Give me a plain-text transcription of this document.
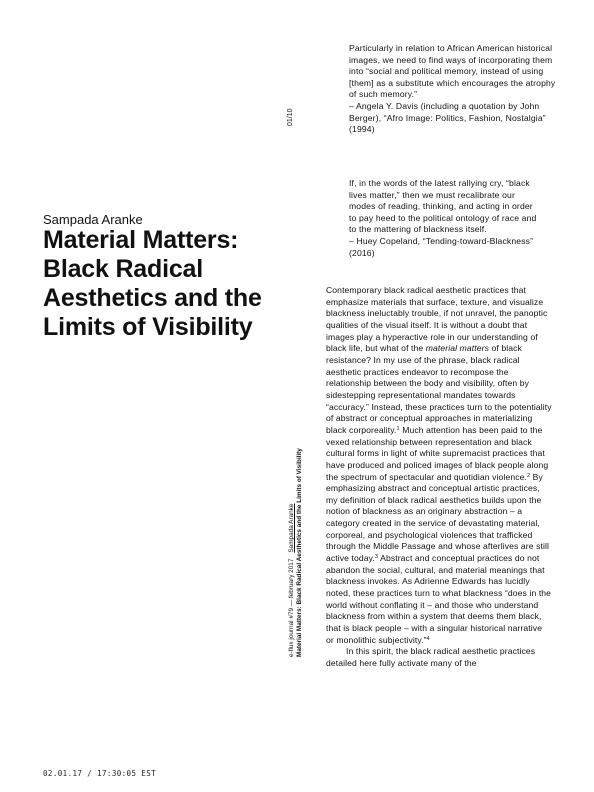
Particularly in relation to African American historical images, we need to find ways of incorporating them into “social and political memory, instead of using [them] as a substitute which encourages the atrophy of such memory.”

– Angela Y. Davis (including a quotation by John Berger), “Afro Image: Politics, Fashion, Nostalgia” (1994)

01/10

If, in the words of the latest rallying cry, “black lives matter,” then we must recalibrate our modes of reading, thinking, and acting in order to pay heed to the political ontology of race and to the mattering of blackness itself.

– Huey Copeland, “Tending-toward-Blackness” (2016)

Sampada Aranke
Material Matters: Black Radical Aesthetics and the Limits of Visibility
e-flux journal #79 — february 2017Sampada Aranke Material Matters: Black Radical Aesthetics and the Limits of Visibility

Contemporary black radical aesthetic practices that emphasize materials that surface, texture, and visualize blackness ineluctably trouble, if not unravel, the panoptic qualities of the visual itself. It is without a doubt that images play a hyperactive role in our understanding of black life, but what of the material matters of black resistance? In my use of the phrase, black radical aesthetic practices endeavor to recompose the relationship between the body and visibility, often by sidestepping representational mandates towards “accuracy.” Instead, these practices turn to the potentiality of abstract or conceptual approaches in materializing black corporeality.$^1$ Much attention has been paid to the vexed relationship between representation and black cultural forms in light of white supremacist practices that have produced and policed images of black people along the spectrum of spectacular and quotidian violence.$^2$ By emphasizing abstract and conceptual artistic practices, my definition of black radical aesthetics builds upon the notion of blackness as an originary abstraction – a category created in the service of devastating material, corporeal, and psychological violences that trafficked through the Middle Passage and whose afterlives are still active today.$^3$ Abstract and conceptual practices do not abandon the social, cultural, and material meanings that blackness invokes. As Adrienne Edwards has lucidly noted, these practices turn to what blackness “does in the world without conflating it – and those who understand blackness from within a system that deems them black, that is black people – with a singular historical narrative or monolithic subjectivity.”$^4$

In this spirit, the black radical aesthetic practices detailed here fully activate many of the

02.01.17 / 17:30:05 EST
